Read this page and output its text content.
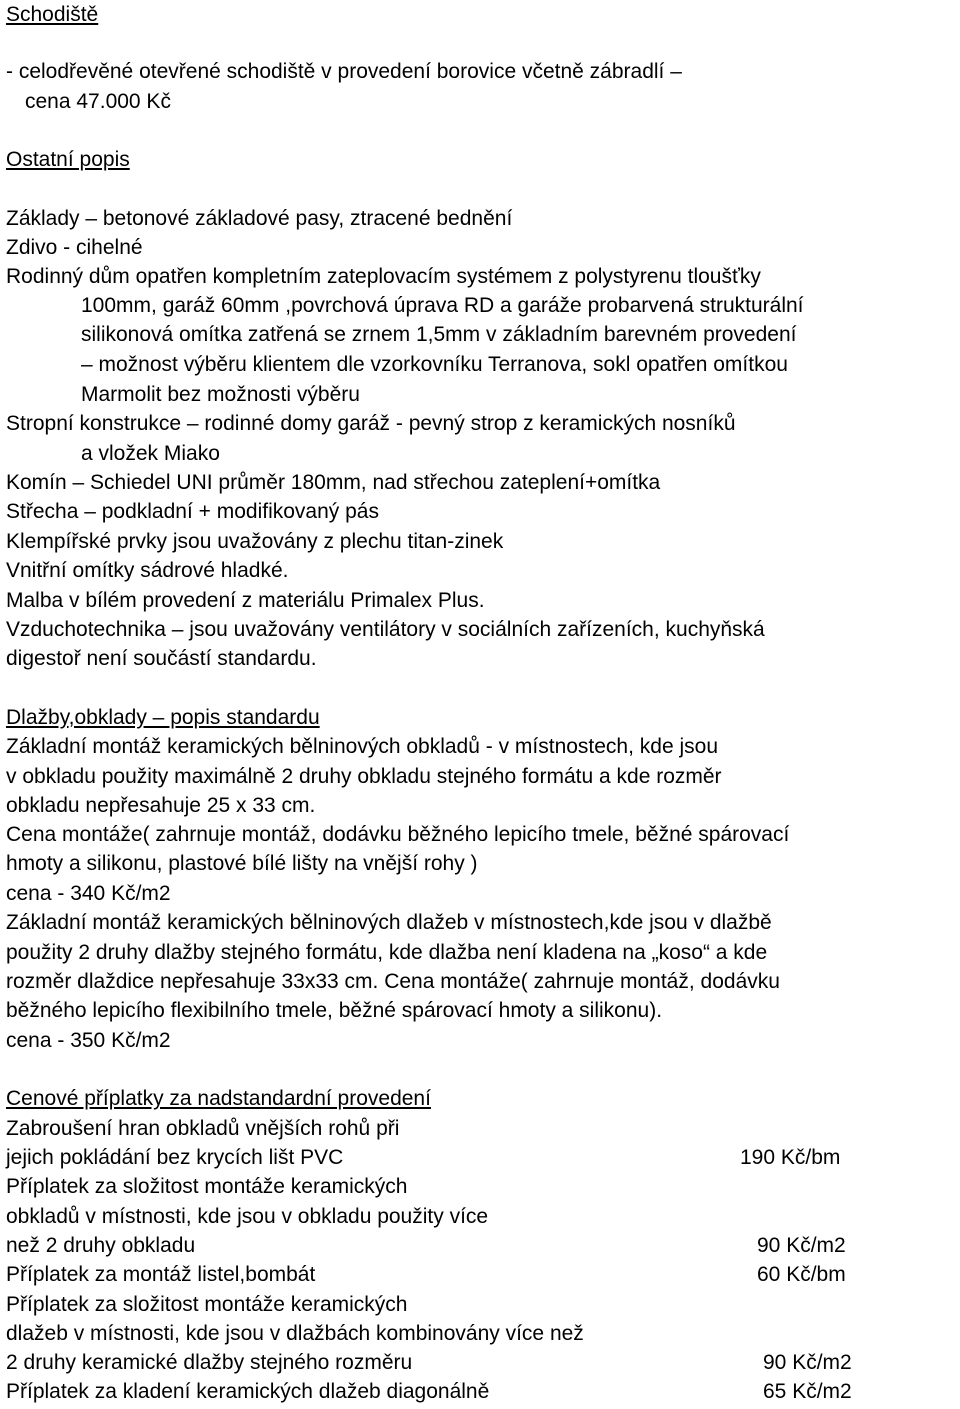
Schodiště
- celodřevěné otevřené schodiště v provedení borovice včetně zábradlí –
cena 47.000 Kč
Ostatní popis
Základy – betonové základové pasy, ztracené bednění
Zdivo - cihelné
Rodinný dům opatřen kompletním zateplovacím systémem z polystyrenu tloušťky
100mm, garáž 60mm ,povrchová úprava RD a garáže probarvená strukturální
silikonová omítka zatřená se zrnem 1,5mm v základním barevném provedení
– možnost výběru klientem dle vzorkovníku Terranova, sokl opatřen omítkou
Marmolit bez možnosti výběru
Stropní konstrukce – rodinné domy garáž - pevný strop z keramických nosníků
a vložek Miako
Komín – Schiedel UNI průměr 180mm, nad střechou zateplení+omítka
Střecha – podkladní + modifikovaný pás
Klempířské prvky jsou uvažovány z plechu titan-zinek
Vnitřní omítky sádrové hladké.
Malba v bílém provedení z materiálu Primalex Plus.
Vzduchotechnika – jsou uvažovány ventilátory v sociálních zařízeních, kuchyňská
digestoř není součástí standardu.
Dlažby,obklady – popis standardu
Základní montáž keramických bělninových obkladů - v místnostech, kde jsou
v obkladu použity maximálně 2 druhy obkladu stejného formátu a kde rozměr
obkladu nepřesahuje 25 x 33 cm.
Cena montáže( zahrnuje montáž, dodávku běžného lepicího tmele, běžné spárovací
hmoty a silikonu, plastové bílé lišty na vnější rohy )
cena - 340 Kč/m2
Základní montáž keramických bělninových dlažeb v místnostech,kde jsou v dlažbě
použity 2 druhy dlažby stejného formátu, kde dlažba není kladena na „koso“ a kde
rozměr dlaždice nepřesahuje 33x33 cm. Cena montáže( zahrnuje montáž, dodávku
běžného lepicího flexibilního tmele, běžné spárovací hmoty a silikonu).
cena - 350 Kč/m2
Cenové příplatky za nadstandardní provedení
Zabroušení hran obkladů vnějších rohů při
jejich pokládání bez krycích lišt PVC	190 Kč/bm
Příplatek za složitost montáže keramických
obkladů v místnosti, kde jsou v obkladu použity více
než 2 druhy obkladu	90 Kč/m2
Příplatek za montáž listel,bombát	60 Kč/bm
Příplatek za složitost montáže keramických
dlažeb v místnosti, kde jsou v dlažbách kombinovány více než
2 druhy keramické dlažby stejného rozměru	90 Kč/m2
Příplatek za kladení keramických dlažeb diagonálně	65 Kč/m2
